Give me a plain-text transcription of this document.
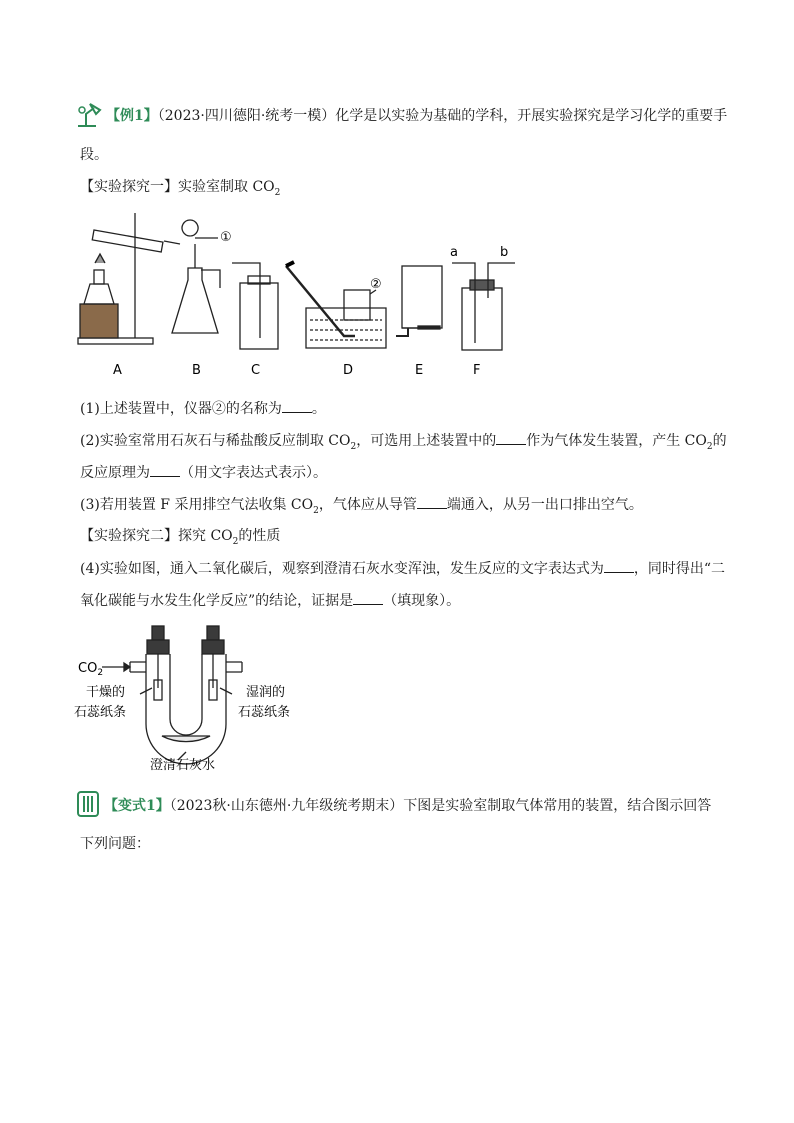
【例1】（2023·四川德阳·统考一模）化学是以实验为基础的学科，开展实验探究是学习化学的重要手
段。
【实验探究一】实验室制取 $CO_2$
①
②
a	b
A	B	C	D	E	F
(1)上述装置中，仪器②的名称为 。
(2)实验室常用石灰石与稀盐酸反应制取 $CO_2$，可选用上述装置中的 作为气体发生装置，产生 $CO_2$的
反应原理为 （用文字表达式表示）。
(3)若用装置 F 采用排空气法收集 $CO_2$，气体应从导管 端通入，从另一出口排出空气。
【实验探究二】探究 $CO_2$的性质
(4)实验如图，通入二氧化碳后，观察到澄清石灰水变浑浊，发生反应的文字表达式为 ，同时得出“二
氧化碳能与水发生化学反应”的结论，证据是 （填现象）。
$CO_2$
干燥的
石蕊纸条
湿润的
石蕊纸条
澄清石灰水
【变式1】（2023秋·山东德州·九年级统考期末）下图是实验室制取气体常用的装置，结合图示回答
下列问题：
